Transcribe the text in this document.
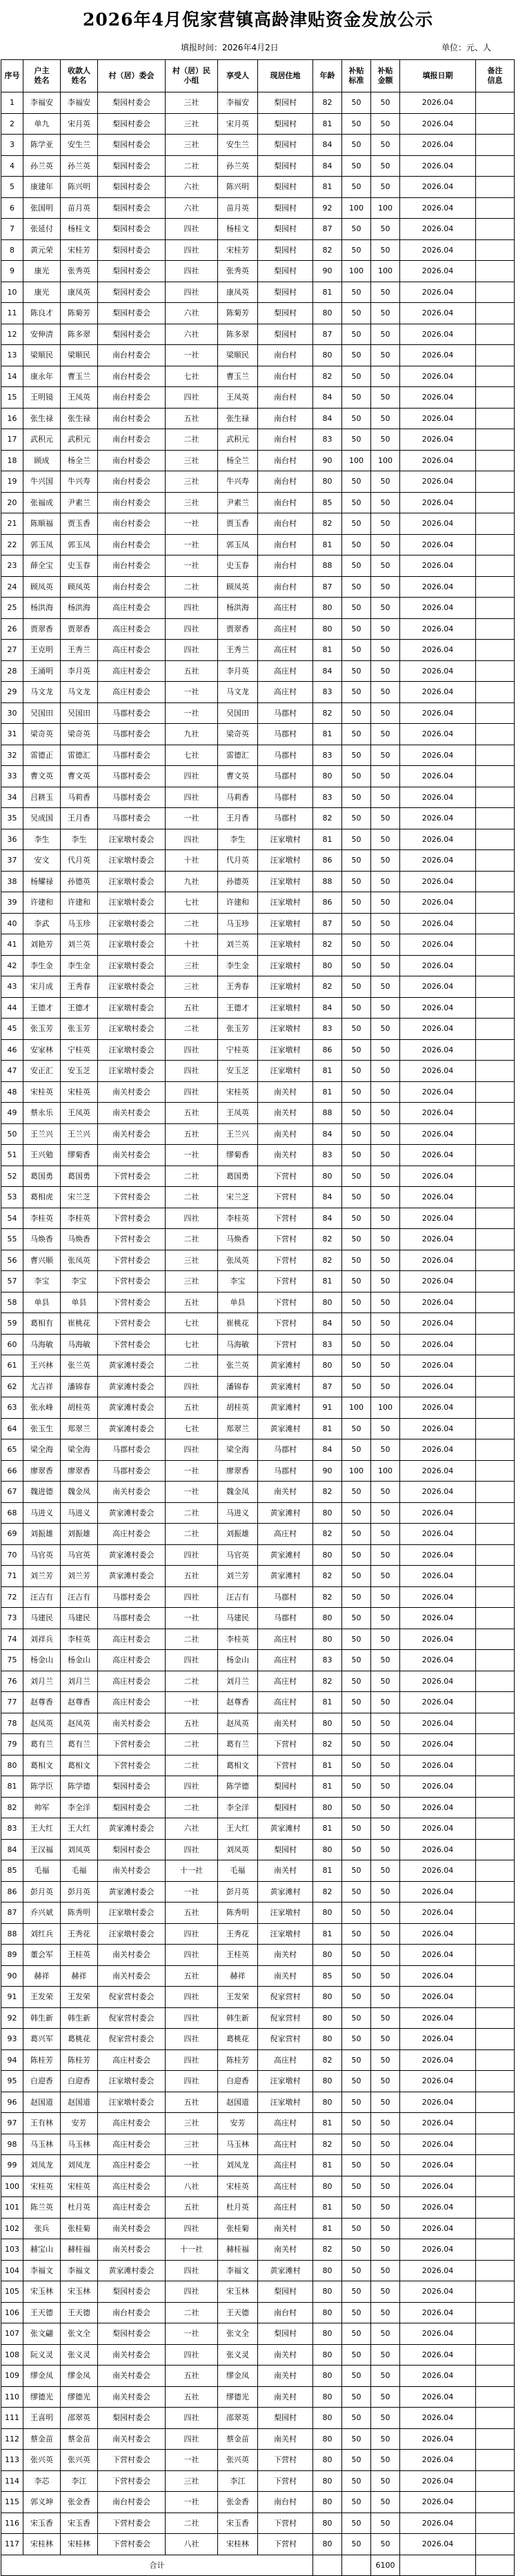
2026年4月倪家营镇高龄津贴资金发放公示
填报时间：2026年4月2日	单位：元、人
序号	户主姓名	收款人姓名	村（居）委会	村（居）民小组	享受人	现居住地	年龄	补贴标准	补贴金额	填报日期	备注信息
1	李福安	李福安	梨园村委会	三社	李福安	梨园村	82	50	50	2026.04	
2	单九	宋月英	梨园村委会	三社	宋月英	梨园村	81	50	50	2026.04	
3	陈学亚	安生兰	梨园村委会	三社	安生兰	梨园村	84	50	50	2026.04	
4	孙兰英	孙兰英	梨园村委会	二社	孙兰英	梨园村	84	50	50	2026.04	
5	康建年	陈兴明	梨园村委会	六社	陈兴明	梨园村	81	50	50	2026.04	
6	张国明	苗月英	梨园村委会	六社	苗月英	梨园村	92	100	100	2026.04	
7	张延付	杨桂文	梨园村委会	四社	杨桂文	梨园村	87	50	50	2026.04	
8	黄元荣	宋桂芳	梨园村委会	四社	宋桂芳	梨园村	82	50	50	2026.04	
9	康光	张秀英	梨园村委会	四社	张秀英	梨园村	90	100	100	2026.04	
10	康光	康凤英	梨园村委会	四社	康凤英	梨园村	81	50	50	2026.04	
11	陈良才	陈菊芳	梨园村委会	六社	陈菊芳	梨园村	80	50	50	2026.04	
12	安伸清	陈多翠	梨园村委会	六社	陈多翠	梨园村	87	50	50	2026.04	
13	梁顺民	梁顺民	南台村委会	一社	梁顺民	南台村	80	50	50	2026.04	
14	康永年	曹玉兰	南台村委会	七社	曹玉兰	南台村	82	50	50	2026.04	
15	王明镜	王凤英	南台村委会	四社	王凤英	南台村	84	50	50	2026.04	
16	张生禄	张生禄	南台村委会	五社	张生禄	南台村	84	50	50	2026.04	
17	武积元	武积元	南台村委会	二社	武积元	南台村	83	50	50	2026.04	
18	顾成	杨全兰	南台村委会	三社	杨全兰	南台村	90	100	100	2026.04	
19	牛兴国	牛兴寿	南台村委会	三社	牛兴寿	南台村	80	50	50	2026.04	
20	张福成	尹素兰	南台村委会	三社	尹素兰	南台村	85	50	50	2026.04	
21	陈顺福	贾玉香	南台村委会	一社	贾玉香	南台村	82	50	50	2026.04	
22	郭玉凤	郭玉凤	南台村委会	一社	郭玉凤	南台村	81	50	50	2026.04	
23	薛全宝	史玉春	南台村委会	一社	史玉春	南台村	88	50	50	2026.04	
24	顾凤英	顾凤英	南台村委会	二社	顾凤英	南台村	87	50	50	2026.04	
25	杨洪海	杨洪海	高庄村委会	四社	杨洪海	高庄村	80	50	50	2026.04	
26	贾翠香	贾翠香	高庄村委会	四社	贾翠香	高庄村	80	50	50	2026.04	
27	王克明	王秀兰	高庄村委会	四社	王秀兰	高庄村	81	50	50	2026.04	
28	王涌明	李月英	高庄村委会	五社	李月英	高庄村	84	50	50	2026.04	
29	马文龙	马文龙	高庄村委会	一社	马文龙	高庄村	83	50	50	2026.04	
30	吴国田	吴国田	马郡村委会	一社	吴国田	马郡村	82	50	50	2026.04	
31	梁奇英	梁奇英	马郡村委会	九社	梁奇英	马郡村	81	50	50	2026.04	
32	雷德正	雷德汇	马郡村委会	七社	雷德汇	马郡村	83	50	50	2026.04	
33	曹文英	曹文英	马郡村委会	四社	曹文英	马郡村	80	50	50	2026.04	
34	吕耕玉	马莉香	马郡村委会	四社	马莉香	马郡村	83	50	50	2026.04	
35	吴成国	王月香	马郡村委会	一社	王月香	马郡村	82	50	50	2026.04	
36	李生	李生	汪家墩村委会	四社	李生	汪家墩村	81	50	50	2026.04	
37	安文	代月英	汪家墩村委会	十社	代月英	汪家墩村	86	50	50	2026.04	
38	杨耀禄	孙德英	汪家墩村委会	九社	孙德英	汪家墩村	88	50	50	2026.04	
39	许建和	许建和	汪家墩村委会	七社	许建和	汪家墩村	86	50	50	2026.04	
40	李武	马玉珍	汪家墩村委会	二社	马玉珍	汪家墩村	87	50	50	2026.04	
41	刘艳芳	刘兰英	汪家墩村委会	十社	刘兰英	汪家墩村	82	50	50	2026.04	
42	李生金	李生金	汪家墩村委会	三社	李生金	汪家墩村	80	50	50	2026.04	
43	宋月成	王秀春	汪家墩村委会	三社	王秀春	汪家墩村	82	50	50	2026.04	
44	王德才	王德才	汪家墩村委会	五社	王德才	汪家墩村	84	50	50	2026.04	
45	张玉芳	张玉芳	汪家墩村委会	二社	张玉芳	汪家墩村	83	50	50	2026.04	
46	安家林	宁桂英	汪家墩村委会	四社	宁桂英	汪家墩村	86	50	50	2026.04	
47	安正汇	安玉芝	汪家墩村委会	四社	安玉芝	汪家墩村	81	50	50	2026.04	
48	宋桂英	宋桂英	南关村委会	四社	宋桂英	南关村	81	50	50	2026.04	
49	蔡永乐	王凤英	南关村委会	五社	王凤英	南关村	88	50	50	2026.04	
50	王兰兴	王兰兴	南关村委会	五社	王兰兴	南关村	84	50	50	2026.04	
51	王兴勉	缪菊香	南关村委会	一社	缪菊香	南关村	83	50	50	2026.04	
52	葛国勇	葛国勇	下营村委会	二社	葛国勇	下营村	80	50	50	2026.04	
53	葛相虎	宋兰芝	下营村委会	二社	宋兰芝	下营村	84	50	50	2026.04	
54	李桂英	李桂英	下营村委会	四社	李桂英	下营村	84	50	50	2026.04	
55	马焕香	马焕香	下营村委会	二社	马焕香	下营村	82	50	50	2026.04	
56	曹兴顺	张凤英	下营村委会	三社	张凤英	下营村	82	50	50	2026.04	
57	李宝	李宝	下营村委会	三社	李宝	下营村	81	50	50	2026.04	
58	单县	单县	下营村委会	五社	单县	下营村	80	50	50	2026.04	
59	葛相有	崔桃花	下营村委会	七社	崔桃花	下营村	84	50	50	2026.04	
60	马海敏	马海敏	下营村委会	七社	马海敏	下营村	83	50	50	2026.04	
61	王兴林	张兰英	黄家滩村委会	二社	张兰英	黄家滩村	80	50	50	2026.04	
62	尤吉祥	潘锦春	黄家滩村委会	四社	潘锦春	黄家滩村	87	50	50	2026.04	
63	张永峰	胡桂英	黄家滩村委会	五社	胡桂英	黄家滩村	91	100	100	2026.04	
64	张玉生	郑翠兰	黄家滩村委会	七社	郑翠兰	黄家滩村	81	50	50	2026.04	
65	梁全海	梁全海	马郡村委会	四社	梁全海	马郡村	84	50	50	2026.04	
66	廖翠香	廖翠香	马郡村委会	一社	廖翠香	马郡村	90	100	100	2026.04	
67	魏进德	魏金凤	南关村委会	一社	魏金凤	南关村	82	50	50	2026.04	
68	马进义	马进义	黄家滩村委会	二社	马进义	黄家滩村	80	50	50	2026.04	
69	刘振雄	刘振雄	高庄村委会	二社	刘振雄	高庄村	82	50	50	2026.04	
70	马官英	马官英	黄家滩村委会	四社	马官英	黄家滩村	80	50	50	2026.04	
71	刘兰芳	刘兰芳	黄家滩村委会	五社	刘兰芳	黄家滩村	82	50	50	2026.04	
72	汪吉有	汪吉有	马郡村委会	四社	汪吉有	马郡村	82	50	50	2026.04	
73	马建民	马建民	马郡村委会	一社	马建民	马郡村	80	50	50	2026.04	
74	刘祥兵	李桂英	高庄村委会	二社	李桂英	高庄村	80	50	50	2026.04	
75	杨金山	杨金山	高庄村委会	四社	杨金山	高庄村	83	50	50	2026.04	
76	刘月兰	刘月兰	高庄村委会	二社	刘月兰	高庄村	82	50	50	2026.04	
77	赵尊香	赵尊香	高庄村委会	一社	赵尊香	高庄村	81	50	50	2026.04	
78	赵凤英	赵凤英	南关村委会	五社	赵凤英	南关村	80	50	50	2026.04	
79	葛有兰	葛有兰	下营村委会	二社	葛有兰	下营村	82	50	50	2026.04	
80	葛相文	葛相文	下营村委会	二社	葛相文	下营村	81	50	50	2026.04	
81	陈学臣	陈学德	梨园村委会	四社	陈学德	梨园村	81	50	50	2026.04	
82	帅军	李全洋	梨园村委会	二社	李全洋	梨园村	80	50	50	2026.04	
83	王大红	王大红	黄家滩村委会	六社	王大红	黄家滩村	81	50	50	2026.04	
84	王汉福	刘凤英	梨园村委会	四社	刘凤英	梨园村	80	50	50	2026.04	
85	毛福	毛福	南关村委会	十一社	毛福	南关村	81	50	50	2026.04	
86	彭月英	彭月英	黄家滩村委会	一社	彭月英	黄家滩村	82	50	50	2026.04	
87	乔兴斌	陈秀明	汪家墩村委会	五社	陈秀明	汪家墩村	80	50	50	2026.04	
88	刘红兵	王秀花	汪家墩村委会	四社	王秀花	汪家墩村	81	50	50	2026.04	
89	董会军	王桂英	南关村委会	四社	王桂英	南关村	80	50	50	2026.04	
90	赫祥	赫祥	南关村委会	五社	赫祥	南关村	85	50	50	2026.04	
91	王发荣	王发荣	倪家营村委会	四社	王发荣	倪家营村	80	50	50	2026.04	
92	韩生新	韩生新	倪家营村委会	四社	韩生新	倪家营村	80	50	50	2026.04	
93	葛兴军	葛桃花	倪家营村委会	四社	葛桃花	倪家营村	80	50	50	2026.04	
94	陈桂芳	陈桂芳	高庄村委会	四社	陈桂芳	高庄村	82	50	50	2026.04	
95	白迎香	白迎香	汪家墩村委会	四社	白迎香	汪家墩村	80	50	50	2026.04	
96	赵国道	赵国道	汪家墩村委会	五社	赵国道	汪家墩村	80	50	50	2026.04	
97	王有林	安芳	高庄村委会	三社	安芳	高庄村	81	50	50	2026.04	
98	马玉林	马玉林	高庄村委会	三社	马玉林	高庄村	82	50	50	2026.04	
99	刘凤龙	刘凤龙	高庄村委会	一社	刘凤龙	高庄村	81	50	50	2026.04	
100	宋桂英	宋桂英	高庄村委会	八社	宋桂英	高庄村	80	50	50	2026.04	
101	陈兰英	杜月英	高庄村委会	五社	杜月英	高庄村	81	50	50	2026.04	
102	张兵	张桂菊	南关村委会	四社	张桂菊	南关村	81	50	50	2026.04	
103	赫宝山	赫桂福	南关村委会	十一社	赫桂福	南关村	82	50	50	2026.04	
104	李福文	李福文	黄家滩村委会	四社	李福文	黄家滩村	80	50	50	2026.04	
105	宋玉林	宋玉林	梨园村委会	四社	宋玉林	梨园村	80	50	50	2026.04	
106	王天德	王天德	南台村委会	二社	王天德	南台村	80	50	50	2026.04	
107	张文翩	张文全	梨园村委会	一社	张文全	梨园村	80	50	50	2026.04	
108	阮义灵	张义灵	南关村委会	四社	张义灵	南关村	80	50	50	2026.04	
109	缪金凤	缪金凤	南关村委会	五社	缪金凤	南关村	80	50	50	2026.04	
110	缪德光	缪德光	南关村委会	五社	缪德光	南关村	80	50	50	2026.04	
111	王喜明	邵翠英	梨园村委会	四社	邵翠英	梨园村	80	50	50	2026.04	
112	蔡金苗	蔡金苗	南关村委会	四社	蔡金苗	南关村	80	50	50	2026.04	
113	张兴英	张兴英	下营村委会	一社	张兴英	下营村	80	50	50	2026.04	
114	李芯	李江	下营村委会	三社	李江	下营村	80	50	50	2026.04	
115	郭义坤	张金香	南台村委会	一社	张金香	南台村	80	50	50	2026.04	
116	宋玉香	宋玉香	下营村委会	二社	宋玉香	下营村	80	50	50	2026.04	
117	宋桂林	宋桂林	下营村委会	八社	宋桂林	下营村	80	50	50	2026.04	
合计									6100		
